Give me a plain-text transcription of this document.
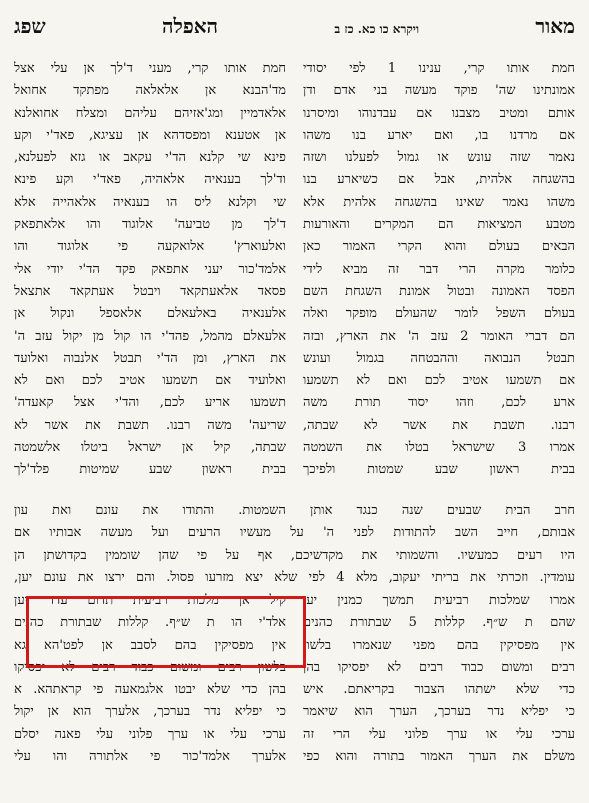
מאור
ויקרא כו כא. כז ב
האפלה
שפג
חמת אותו קרי, ענינו 1 לפי יסודי
אמונתינו שה' פוקד מעשה בני אדם ודן
אותם ומטיב מצבנו אם עבדנוהו ומיסרנו
אם מרדנו בו, ואם יארע בנו משהו
נאמר שזה עונש או גמול לפעלנו ושזה
בהשגחה אלהית, אבל אם כשיארע בנו
משהו נאמר שאינו בהשגחה אלהית אלא
מטבע המציאות הם המקרים והאורעות
הבאים בעולם והוא הקרי האמור כאן
כלומר מקרה הרי דבר זה מביא לידי
הפסד האמונה ובטול אמונת השגחת השם
בעולם השפל לומר שהעולם מופקר ואלה
הם דברי האומר 2 עזב ה' את הארץ, ובזה
תבטל הנבואה וההבטחה בגמול ועונש
אם תשמעו אטיב לכם ואם לא תשמעו
ארע לכם, וזהו יסוד תורת משה
רבנו. תשבת את אשר לא שבתה,
אמרו 3 שישראל בטלו את השמטה
בבית ראשון שבע שמטות ולפיכך
חמת אותו קרי, מעני ד'לך אן עלי אצל
מד'הבנא אן אלאלאה מפתקד אחואל
אלאדמיין ומג'אזיהם עליהם ומצלח אחואלנא
אן אטענא ומפסדהא אן עציגא, פאד'י וקע
פינא שי קלנא הד'י עקאב או גזא לפעלנא,
וד'לך בענאיה אלאהיה, פאד'י וקע פינא
שי וקלנא ליס הו בענאיה אלאהייה אלא
ד'לך מן טביעה' אלוגוד והו אלאתפאק
ואלעוארץ' אלואקעה פי אלוגוד והו
אלמד'כור יעני אתפאק פקד הד'י יודי אלי
פסאד אלאעתקאד ויבטל אעתקאד אתצאל
אלענאיה באלעאלם אלאספל ונקול אן
אלעאלם מהמל, פהד'י הו קול מן יקול עזב ה'
את הארץ, ומן הד'י תבטל אלנבוה ואלועד
ואלועיד אם תשמעו אטיב לכם ואם לא
תשמעו אריע לכם, והד'י אצל קאעדה'
שריעה' משה רבנו. תשבת את אשר לא
שבתה, קיל אן ישראל ביטלו אלשמטה
בבית ראשון שבע שמיטות פלד'לך
חרב הבית שבעים שנה כנגד אותן השמטות. והתודו את עונם ואת עון
אבותם, חייב השב להתודות לפני ה' על מעשיו הרעים ועל מעשה אבותיו אם
היו רעים כמעשיו. והשמותי את מקדשיכם, אף על פי שהן שוממין בקדושתן הן
עומדין. וזכרתי את בריתי יעקוב, מלא 4 לפי שלא יצא מזרעו פסול. והם ירצו את עונם יען,
אמרו שמלכות רביעית תמשך כמנין יען
שהם ת ש״ף. קללות 5 שבתורת כהנים
אין מפסיקין בהם מפני שנאמרו בלשון
רבים ומשום כבוד רבים לא יפסיקו בהן
כדי שלא ישתהו הצבור בקריאתם. איש
כי יפליא נדר בערכך, הערך הוא שיאמר
ערכי עלי או ערך פלוני עלי הרי זה
משלם את הערך האמור בתורה והוא כפי
קיל אן מלכות רביעית תדום עדד יען
אלד'י הו ת ש״ף. קללות שבתורת כהנים
אין מפסיקין בהם לסבב אן לפט'הא גא
בלשון רבים ומשום כבוד רבים לא יפסיקו
בהן כדי שלא יבטו אלגמאעה פי קראתהא. א
כי יפליא נדר בערכך, אלערך הוא אן יקול
ערכי עלי או ערך פלוני עלי פאנה יסלם
אלערך אלמד'כור פי אלתורה והו עלי
